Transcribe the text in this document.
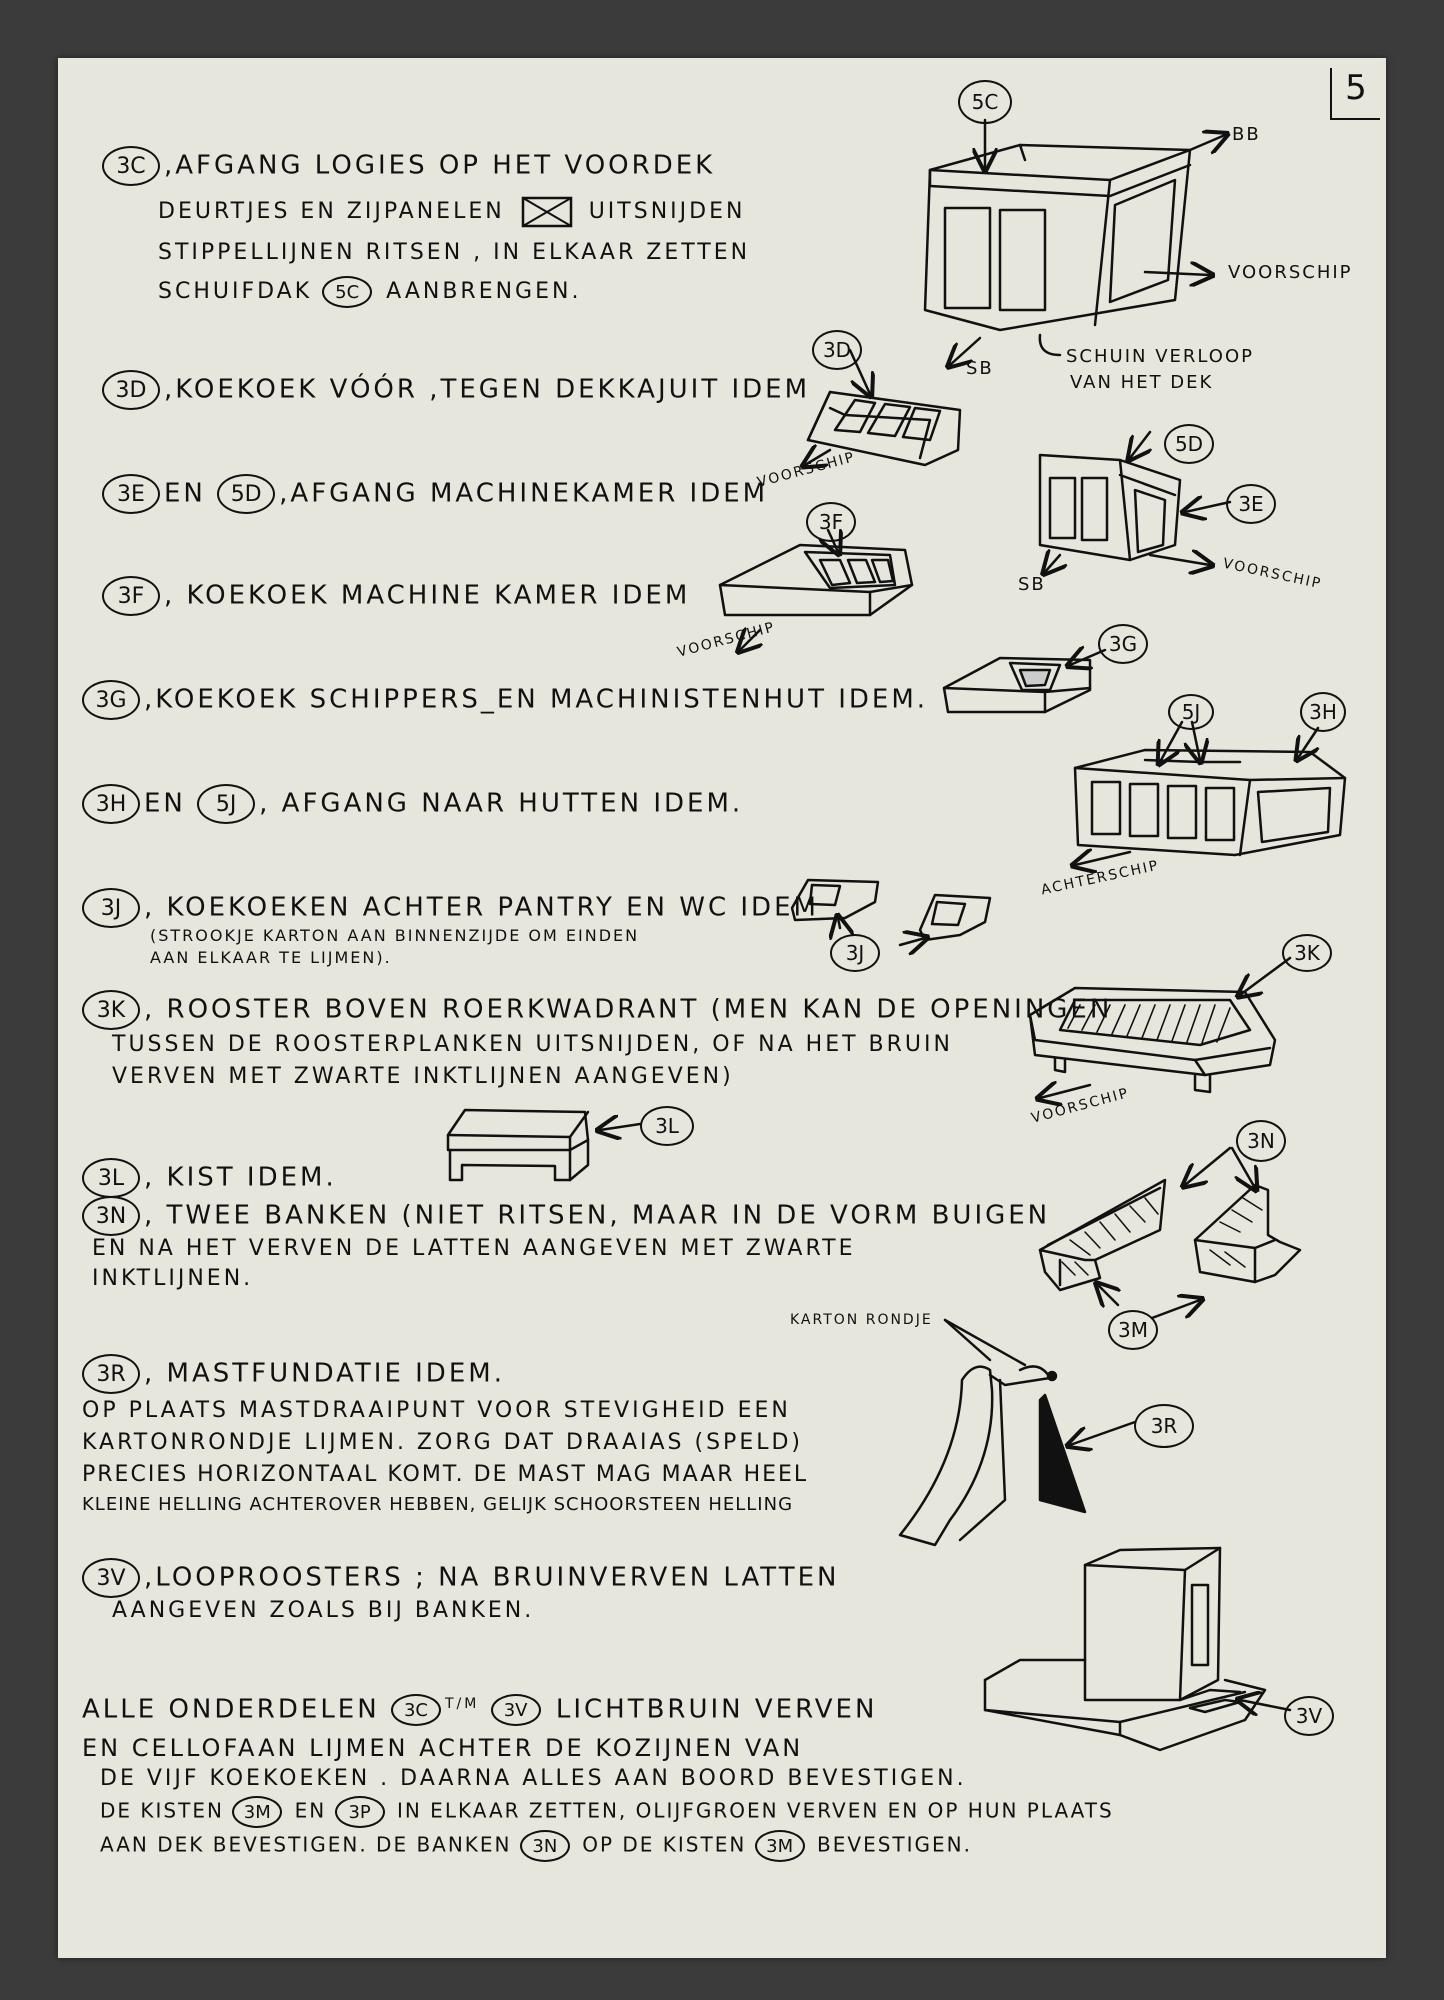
5
3C ,AFGANG LOGIES OP HET VOORDEK
DEURTJES EN ZIJPANELEN ☒ UITSNIJDEN
STIPPELLIJNEN RITSEN , IN ELKAAR ZETTEN
SCHUIFDAK 5C AANBRENGEN.
3D ,KOEKOEK VÓÓR ,TEGEN DEKKAJUIT IDEM
3E EN 5D ,AFGANG MACHINEKAMER IDEM
3F , KOEKOEK MACHINE KAMER IDEM
3G ,KOEKOEK SCHIPPERS_EN MACHINISTENHUT IDEM.
3H EN 5J , AFGANG NAAR HUTTEN IDEM.
3J , KOEKOEKEN ACHTER PANTRY EN WC IDEM
(STROOKJE KARTON AAN BINNENZIJDE OM EINDEN
AAN ELKAAR TE LIJMEN).
3K , ROOSTER BOVEN ROERKWADRANT (MEN KAN DE OPENINGEN
TUSSEN DE ROOSTERPLANKEN UITSNIJDEN, OF NA HET BRUIN
VERVEN MET ZWARTE INKTLIJNEN AANGEVEN)
3L , KIST IDEM.
3N , TWEE BANKEN (NIET RITSEN, MAAR IN DE VORM BUIGEN
EN NA HET VERVEN DE LATTEN AANGEVEN MET ZWARTE
INKTLIJNEN.
3R , MASTFUNDATIE IDEM.
OP PLAATS MASTDRAAIPUNT VOOR STEVIGHEID EEN
KARTONRONDJE LIJMEN. ZORG DAT DRAAIAS (SPELD)
PRECIES HORIZONTAAL KOMT. DE MAST MAG MAAR HEEL
KLEINE HELLING ACHTEROVER HEBBEN, GELIJK SCHOORSTEEN HELLING
3V ,LOOPROOSTERS ; NA BRUINVERVEN LATTEN
AANGEVEN ZOALS BIJ BANKEN.
ALLE ONDERDELEN 3C $^{T/M}$ 3V LICHTBRUIN VERVEN
EN CELLOFAAN LIJMEN ACHTER DE KOZIJNEN VAN
DE VIJF KOEKOEKEN . DAARNA ALLES AAN BOORD BEVESTIGEN.
DE KISTEN 3M EN 3P IN ELKAAR ZETTEN, OLIJFGROEN VERVEN EN OP HUN PLAATS
AAN DEK BEVESTIGEN. DE BANKEN 3N OP DE KISTEN 3M BEVESTIGEN.
5C
BB
VOORSCHIP
SB
SCHUIN VERLOOP
VAN HET DEK
3D
VOORSCHIP
5D
3E
SB	VOORSCHIP
3F
VOORSCHIP	3G
5J	3H
ACHTERSCHIP
3J	3K
VOORSCHIP
3L
3N
3M
KARTON RONDJE
3R
3V
